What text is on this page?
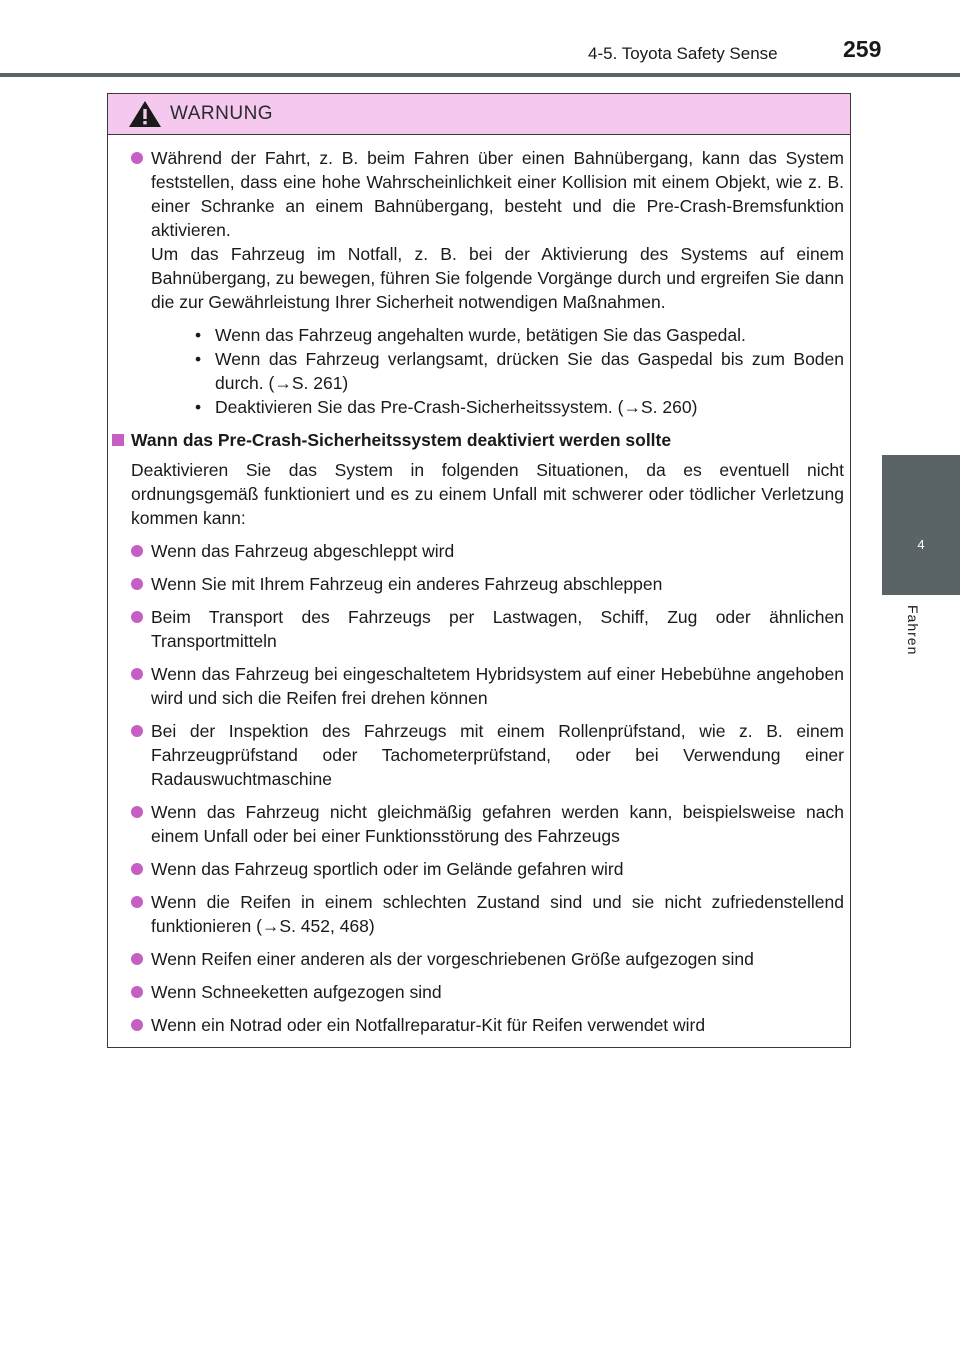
4-5. Toyota Safety Sense	259
4
Fahren
WARNUNG
Während der Fahrt, z. B. beim Fahren über einen Bahnübergang, kann das System feststellen, dass eine hohe Wahrscheinlichkeit einer Kollision mit einem Objekt, wie z. B. einer Schranke an einem Bahnübergang, besteht und die Pre-Crash-Bremsfunktion aktivieren.
Um das Fahrzeug im Notfall, z. B. bei der Aktivierung des Systems auf einem Bahnübergang, zu bewegen, führen Sie folgende Vorgänge durch und ergreifen Sie dann die zur Gewährleistung Ihrer Sicherheit notwendigen Maßnahmen.
• Wenn das Fahrzeug angehalten wurde, betätigen Sie das Gaspedal.
• Wenn das Fahrzeug verlangsamt, drücken Sie das Gaspedal bis zum Boden durch. (→S. 261)
• Deaktivieren Sie das Pre-Crash-Sicherheitssystem. (→S. 260)
Wann das Pre-Crash-Sicherheitssystem deaktiviert werden sollte
Deaktivieren Sie das System in folgenden Situationen, da es eventuell nicht ordnungsgemäß funktioniert und es zu einem Unfall mit schwerer oder tödlicher Verletzung kommen kann:
Wenn das Fahrzeug abgeschleppt wird
Wenn Sie mit Ihrem Fahrzeug ein anderes Fahrzeug abschleppen
Beim Transport des Fahrzeugs per Lastwagen, Schiff, Zug oder ähnlichen Transportmitteln
Wenn das Fahrzeug bei eingeschaltetem Hybridsystem auf einer Hebebühne angehoben wird und sich die Reifen frei drehen können
Bei der Inspektion des Fahrzeugs mit einem Rollenprüfstand, wie z. B. einem Fahrzeugprüfstand oder Tachometerprüfstand, oder bei Verwendung einer Radauswuchtmaschine
Wenn das Fahrzeug nicht gleichmäßig gefahren werden kann, beispielsweise nach einem Unfall oder bei einer Funktionsstörung des Fahrzeugs
Wenn das Fahrzeug sportlich oder im Gelände gefahren wird
Wenn die Reifen in einem schlechten Zustand sind und sie nicht zufriedenstellend funktionieren (→S. 452, 468)
Wenn Reifen einer anderen als der vorgeschriebenen Größe aufgezogen sind
Wenn Schneeketten aufgezogen sind
Wenn ein Notrad oder ein Notfallreparatur-Kit für Reifen verwendet wird
